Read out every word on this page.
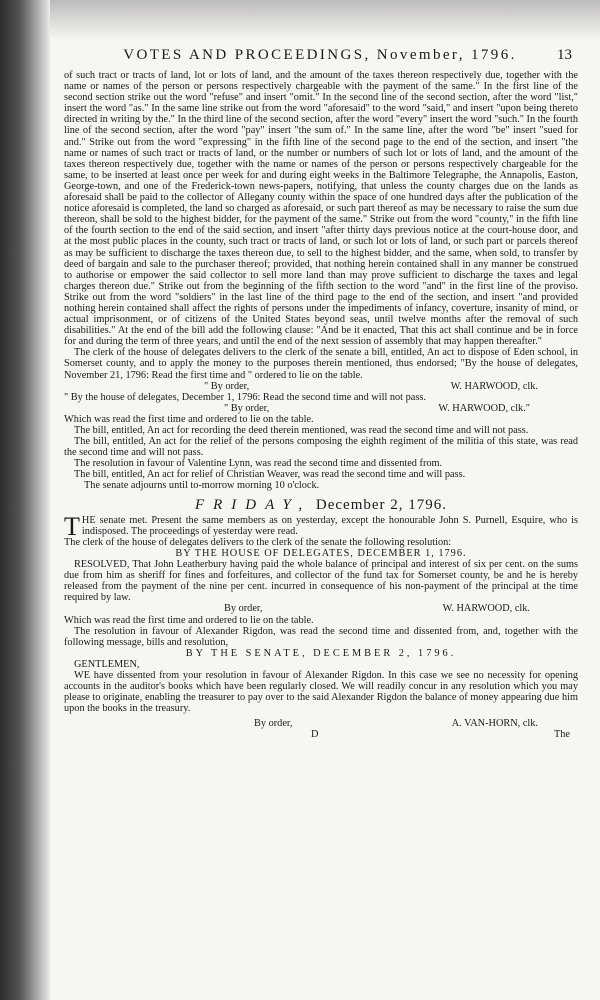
VOTES AND PROCEEDINGS, November, 1796.	13

of such tract or tracts of land, lot or lots of land, and the amount of the taxes thereon respectively due, together with the name or names of the person or persons respectively chargeable with the payment of the same." In the first line of the second section strike out the word "refuse" and insert "omit." In the second line of the second section, after the word "list," insert the word "as." In the same line strike out from the word "aforesaid" to the word "said," and insert "upon being thereto directed in writing by the." In the third line of the second section, after the word "every" insert the word "such." In the fourth line of the second section, after the word "pay" insert "the sum of." In the same line, after the word "be" insert "sued for and." Strike out from the word "expressing" in the fifth line of the second page to the end of the section, and insert "the name or names of such tract or tracts of land, or the number or numbers of such lot or lots of land, and the amount of the taxes thereon respectively due, together with the name or names of the person or persons respectively chargeable for the same, to be inserted at least once per week for and during eight weeks in the Baltimore Telegraphe, the Annapolis, Easton, George-town, and one of the Frederick-town news-papers, notifying, that unless the county charges due on the lands as aforesaid shall be paid to the collector of Allegany county within the space of one hundred days after the publication of the notice aforesaid is completed, the land so charged as aforesaid, or such part thereof as may be necessary to raise the sum due thereon, shall be sold to the highest bidder, for the payment of the same." Strike out from the word "county," in the fifth line of the fourth section to the end of the said section, and insert "after thirty days previous notice at the court-house door, and at the most public places in the county, such tract or tracts of land, or such lot or lots of land, or such part or parcels thereof as may be sufficient to discharge the taxes thereon due, to sell to the highest bidder, and the same, when sold, to transfer by deed of bargain and sale to the purchaser thereof; provided, that nothing herein contained shall in any manner be construed to authorise or empower the said collector to sell more land than may prove sufficient to discharge the taxes and legal charges thereon due." Strike out from the beginning of the fifth section to the word "and" in the first line of the proviso. Strike out from the word "soldiers" in the last line of the third page to the end of the section, and insert "and provided nothing herein contained shall affect the rights of persons under the impediments of infancy, coverture, insanity of mind, or actual imprisonment, or of citizens of the United States beyond seas, until twelve months after the removal of such disabilities." At the end of the bill add the following clause: "And be it enacted, That this act shall continue and be in force for and during the term of three years, and until the end of the next session of assembly that may happen thereafter."

The clerk of the house of delegates delivers to the clerk of the senate a bill, entitled, An act to dispose of Eden school, in Somerset county, and to apply the money to the purposes therein mentioned, thus endorsed; "By the house of delegates, November 21, 1796: Read the first time and " ordered to lie on the table.

" By order,	W. HARWOOD, clk.

" By the house of delegates, December 1, 1796: Read the second time and will not pass.

" By order,	W. HARWOOD, clk."

Which was read the first time and ordered to lie on the table.

The bill, entitled, An act for recording the deed therein mentioned, was read the second time and will not pass.

The bill, entitled, An act for the relief of the persons composing the eighth regiment of the militia of this state, was read the second time and will not pass.

The resolution in favour of Valentine Lynn, was read the second time and dissented from.

The bill, entitled, An act for relief of Christian Weaver, was read the second time and will pass.

The senate adjourns until to-morrow morning 10 o'clock.

FRIDAY, December 2, 1796.

THE senate met. Present the same members as on yesterday, except the honourable John S. Purnell, Esquire, who is indisposed. The proceedings of yesterday were read.

The clerk of the house of delegates delivers to the clerk of the senate the following resolution:

BY THE HOUSE OF DELEGATES, DECEMBER 1, 1796.

RESOLVED, That John Leatherbury having paid the whole balance of principal and interest of six per cent. on the sums due from him as sheriff for fines and forfeitures, and collector of the fund tax for Somerset county, be and he is hereby released from the payment of the nine per cent. incurred in consequence of his non-payment of the principal at the time required by law.

By order,	W. HARWOOD, clk.

Which was read the first time and ordered to lie on the table.

The resolution in favour of Alexander Rigdon, was read the second time and dissented from, and, together with the following message, bills and resolution,

BY THE SENATE, DECEMBER 2, 1796.

GENTLEMEN,

WE have dissented from your resolution in favour of Alexander Rigdon. In this case we see no necessity for opening accounts in the auditor's books which have been regularly closed. We will readily concur in any resolution which you may please to originate, enabling the treasurer to pay over to the said Alexander Rigdon the balance of money appearing due him upon the books in the treasury.

By order,	A. VAN-HORN, clk.

D	The
